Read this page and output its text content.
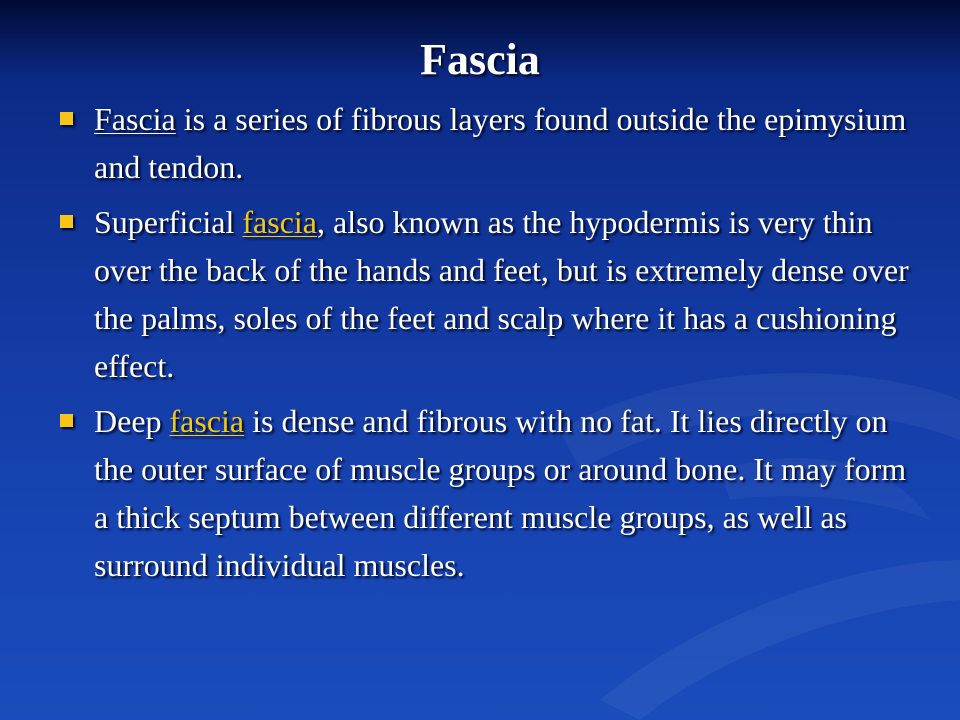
Fascia
Fascia is a series of fibrous layers found outside the epimysium and tendon.
Superficial fascia, also known as the hypodermis is very thin over the back of the hands and feet, but is extremely dense over the palms, soles of the feet and scalp where it has a cushioning effect.
Deep fascia is dense and fibrous with no fat. It lies directly on the outer surface of muscle groups or around bone. It may form a thick septum between different muscle groups, as well as surround individual muscles.
